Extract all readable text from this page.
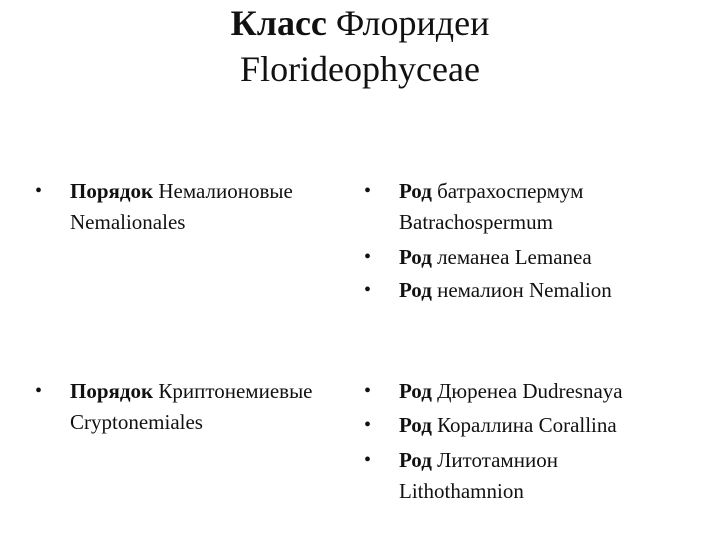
Класс Флоридеи
Florideophyceae
•	Порядок Немалионовые
Nemalionales
•	Род батрахоспермум
Batrachospermum
•	Род леманеа Lemanea
•	Род немалион Nemalion
•	Порядок Криптонемиевые
Cryptonemiales
•	Род Дюренеа Dudresnaya
•	Род Кораллина Corallina
•	Род Литотамнион
Lithothamnion
